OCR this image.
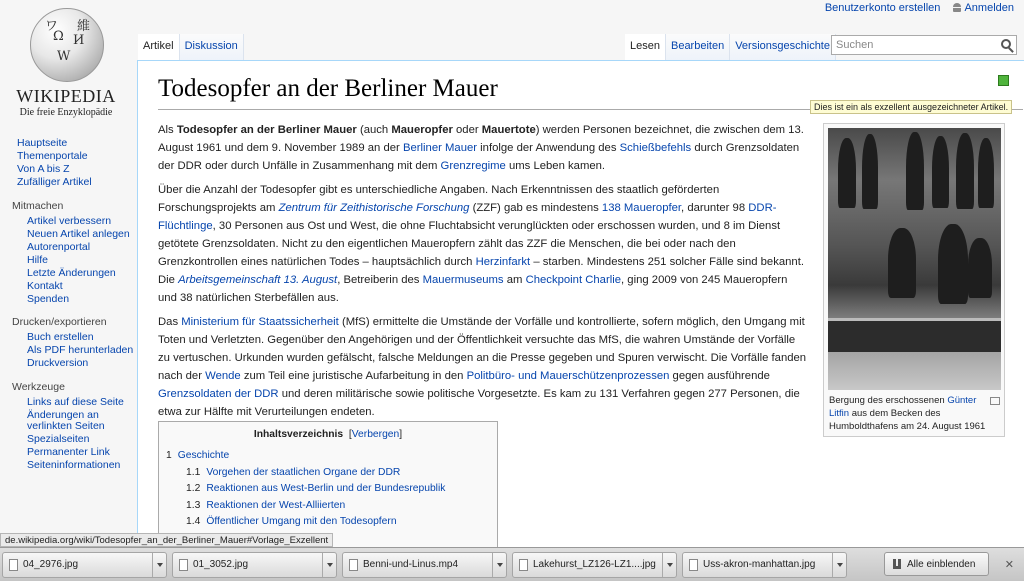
Benutzerkonto erstellen Anmelden
Ω И
W
ワ 維
WIKIPEDIA
Die freie Enzyklopädie
Hauptseite
Themenportale
Von A bis Z
Zufälliger Artikel
Mitmachen
Artikel verbessern
Neuen Artikel anlegen
Autorenportal
Hilfe
Letzte Änderungen
Kontakt
Spenden
Drucken/exportieren
Buch erstellen
Als PDF herunterladen
Druckversion
Werkzeuge
Links auf diese Seite
Änderungen an verlinkten Seiten
Spezialseiten
Permanenter Link
Seiteninformationen
Artikel	Diskussion	Lesen	Bearbeiten	Versionsgeschichte Suchen
Todesopfer an der Berliner Mauer
Dies ist ein als exzellent ausgezeichneter Artikel.

Als Todesopfer an der Berliner Mauer (auch Maueropfer oder Mauertote) werden Personen bezeichnet, die zwischen dem 13. August 1961 und dem 9. November 1989 an der Berliner Mauer infolge der Anwendung des Schießbefehls durch Grenzsoldaten der DDR oder durch Unfälle in Zusammenhang mit dem Grenzregime ums Leben kamen.

Über die Anzahl der Todesopfer gibt es unterschiedliche Angaben. Nach Erkenntnissen des staatlich geförderten Forschungsprojekts am Zentrum für Zeithistorische Forschung (ZZF) gab es mindestens 138 Maueropfer, darunter 98 DDR-Flüchtlinge, 30 Personen aus Ost und West, die ohne Fluchtabsicht verunglückten oder erschossen wurden, und 8 im Dienst getötete Grenzsoldaten. Nicht zu den eigentlichen Maueropfern zählt das ZZF die Menschen, die bei oder nach den Grenzkontrollen eines natürlichen Todes – hauptsächlich durch Herzinfarkt – starben. Mindestens 251 solcher Fälle sind bekannt. Die Arbeitsgemeinschaft 13. August, Betreiberin des Mauermuseums am Checkpoint Charlie, ging 2009 von 245 Maueropfern und 38 natürlichen Sterbefällen aus.

Das Ministerium für Staatssicherheit (MfS) ermittelte die Umstände der Vorfälle und kontrollierte, sofern möglich, den Umgang mit Toten und Verletzten. Gegenüber den Angehörigen und der Öffentlichkeit versuchte das MfS, die wahren Umstände der Vorfälle zu vertuschen. Urkunden wurden gefälscht, falsche Meldungen an die Presse gegeben und Spuren verwischt. Die Vorfälle fanden nach der Wende zum Teil eine juristische Aufarbeitung in den Politbüro- und Mauerschützenprozessen gegen ausführende Grenzsoldaten der DDR und deren militärische sowie politische Vorgesetzte. Es kam zu 131 Verfahren gegen 277 Personen, die etwa zur Hälfte mit Verurteilungen endeten.

Bergung des erschossenen Günter Litfin aus dem Becken des Humboldthafens am 24. August 1961
Inhaltsverzeichnis  [Verbergen]
1 Geschichte
1.1 Vorgehen der staatlichen Organe der DDR
1.2 Reaktionen aus West-Berlin und der Bundesrepublik
1.3 Reaktionen der West-Alliierten
1.4 Öffentlicher Umgang mit den Todesopfern
de.wikipedia.org/wiki/Todesopfer_an_der_Berliner_Mauer#Vorlage_Exzellent
04_2976.jpg	01_3052.jpg	Benni-und-Linus.mp4	Lakehurst_LZ126-LZ1....jpg	Uss-akron-manhattan.jpg	Alle einblenden	✕
